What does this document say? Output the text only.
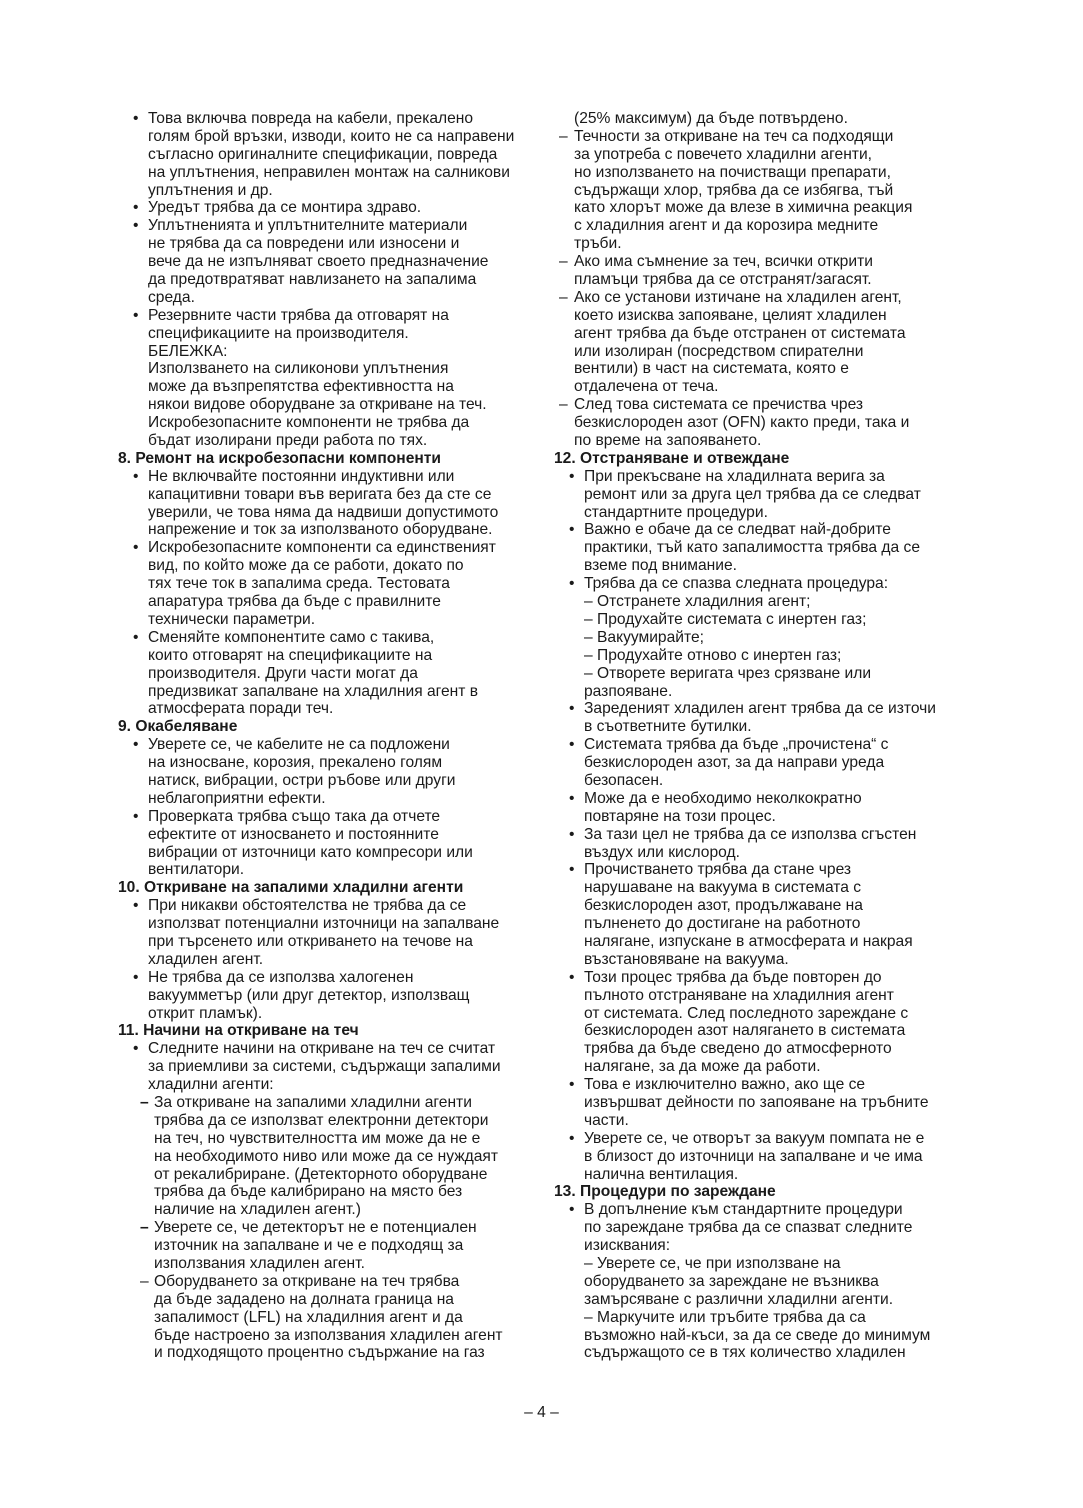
• Това включва повреда на кабели, прекалено
голям брой връзки, изводи, които не са направени
съгласно оригиналните спецификации, повреда
на уплътнения, неправилен монтаж на салникови
уплътнения и др.
• Уредът трябва да се монтира здраво.
• Уплътненията и уплътнителните материали
не трябва да са повредени или износени и
вече да не изпълняват своето предназначение
да предотвратяват навлизането на запалима
среда.
• Резервните части трябва да отговарят на
спецификациите на производителя.
БЕЛЕЖКА:
Използването на силиконови уплътнения
може да възпрепятства ефективността на
някои видове оборудване за откриване на теч.
Искробезопасните компоненти не трябва да
бъдат изолирани преди работа по тях.
8. Ремонт на искробезопасни компоненти
• Не включвайте постоянни индуктивни или
капацитивни товари във веригата без да сте се
уверили, че това няма да надвиши допустимото
напрежение и ток за използваното оборудване.
• Искробезопасните компоненти са единственият
вид, по който може да се работи, докато по
тях тече ток в запалима среда. Тестовата
апаратура трябва да бъде с правилните
технически параметри.
• Сменяйте компонентите само с такива,
които отговарят на спецификациите на
производителя. Други части могат да
предизвикат запалване на хладилния агент в
атмосферата поради теч.
9. Окабеляване
• Уверете се, че кабелите не са подложени
на износване, корозия, прекалено голям
натиск, вибрации, остри ръбове или други
неблагоприятни ефекти.
• Проверката трябва също така да отчете
ефектите от износването и постоянните
вибрации от източници като компресори или
вентилатори.
10. Откриване на запалими хладилни агенти
• При никакви обстоятелства не трябва да се
използват потенциални източници на запалване
при търсенето или откриването на течове на
хладилен агент.
• Не трябва да се използва халогенен
вакуумметър (или друг детектор, използващ
открит пламък).
11. Начини на откриване на теч
• Следните начини на откриване на теч се считат
за приемливи за системи, съдържащи запалими
хладилни агенти:
– За откриване на запалими хладилни агенти
трябва да се използват електронни детектори
на теч, но чувствителността им може да не е
на необходимото ниво или може да се нуждаят
от рекалибриране. (Детекторното оборудване
трябва да бъде калибрирано на място без
наличие на хладилен агент.)
– Уверете се, че детекторът не е потенциален
източник на запалване и че е подходящ за
използвания хладилен агент.
– Оборудването за откриване на теч трябва
да бъде зададено на долната граница на
запалимост (LFL) на хладилния агент и да
бъде настроено за използвания хладилен агент
и подходящото процентно съдържание на газ
(25% максимум) да бъде потвърдено.
– Течности за откриване на теч са подходящи
за употреба с повечето хладилни агенти,
но използването на почистващи препарати,
съдържащи хлор, трябва да се избягва, тъй
като хлорът може да влезе в химична реакция
с хладилния агент и да корозира медните
тръби.
– Ако има съмнение за теч, всички открити
пламъци трябва да се отстранят/загасят.
– Ако се установи изтичане на хладилен агент,
което изисква запояване, целият хладилен
агент трябва да бъде отстранен от системата
или изолиран (посредством спирателни
вентили) в част на системата, която е
отдалечена от теча.
– След това системата се пречиства чрез
безкислороден азот (OFN) както преди, така и
по време на запояването.
12. Отстраняване и отвеждане
• При прекъсване на хладилната верига за
ремонт или за друга цел трябва да се следват
стандартните процедури.
• Важно е обаче да се следват най-добрите
практики, тъй като запалимостта трябва да се
вземе под внимание.
• Трябва да се спазва следната процедура:
– Отстранете хладилния агент;
– Продухайте системата с инертен газ;
– Вакуумирайте;
– Продухайте отново с инертен газ;
– Отворете веригата чрез срязване или
разпояване.
• Зареденият хладилен агент трябва да се източи
в съответните бутилки.
• Системата трябва да бъде „прочистена“ с
безкислороден азот, за да направи уреда
безопасен.
• Може да е необходимо неколкократно
повтаряне на този процес.
• За тази цел не трябва да се използва сгъстен
въздух или кислород.
• Прочистването трябва да стане чрез
нарушаване на вакуума в системата с
безкислороден азот, продължаване на
пълненето до достигане на работното
налягане, изпускане в атмосферата и накрая
възстановяване на вакуума.
• Този процес трябва да бъде повторен до
пълното отстраняване на хладилния агент
от системата. След последното зареждане с
безкислороден азот налягането в системата
трябва да бъде сведено до атмосферното
налягане, за да може да работи.
• Това е изключително важно, ако ще се
извършват дейности по запояване на тръбните
части.
• Уверете се, че отворът за вакуум помпата не е
в близост до източници на запалване и че има
налична вентилация.
13. Процедури по зареждане
• В допълнение към стандартните процедури
по зареждане трябва да се спазват следните
изисквания:
– Уверете се, че при използване на
оборудването за зареждане не възниква
замърсяване с различни хладилни агенти.
– Маркучите или тръбите трябва да са
възможно най-къси, за да се сведе до минимум
съдържащото се в тях количество хладилен
– 4 –
